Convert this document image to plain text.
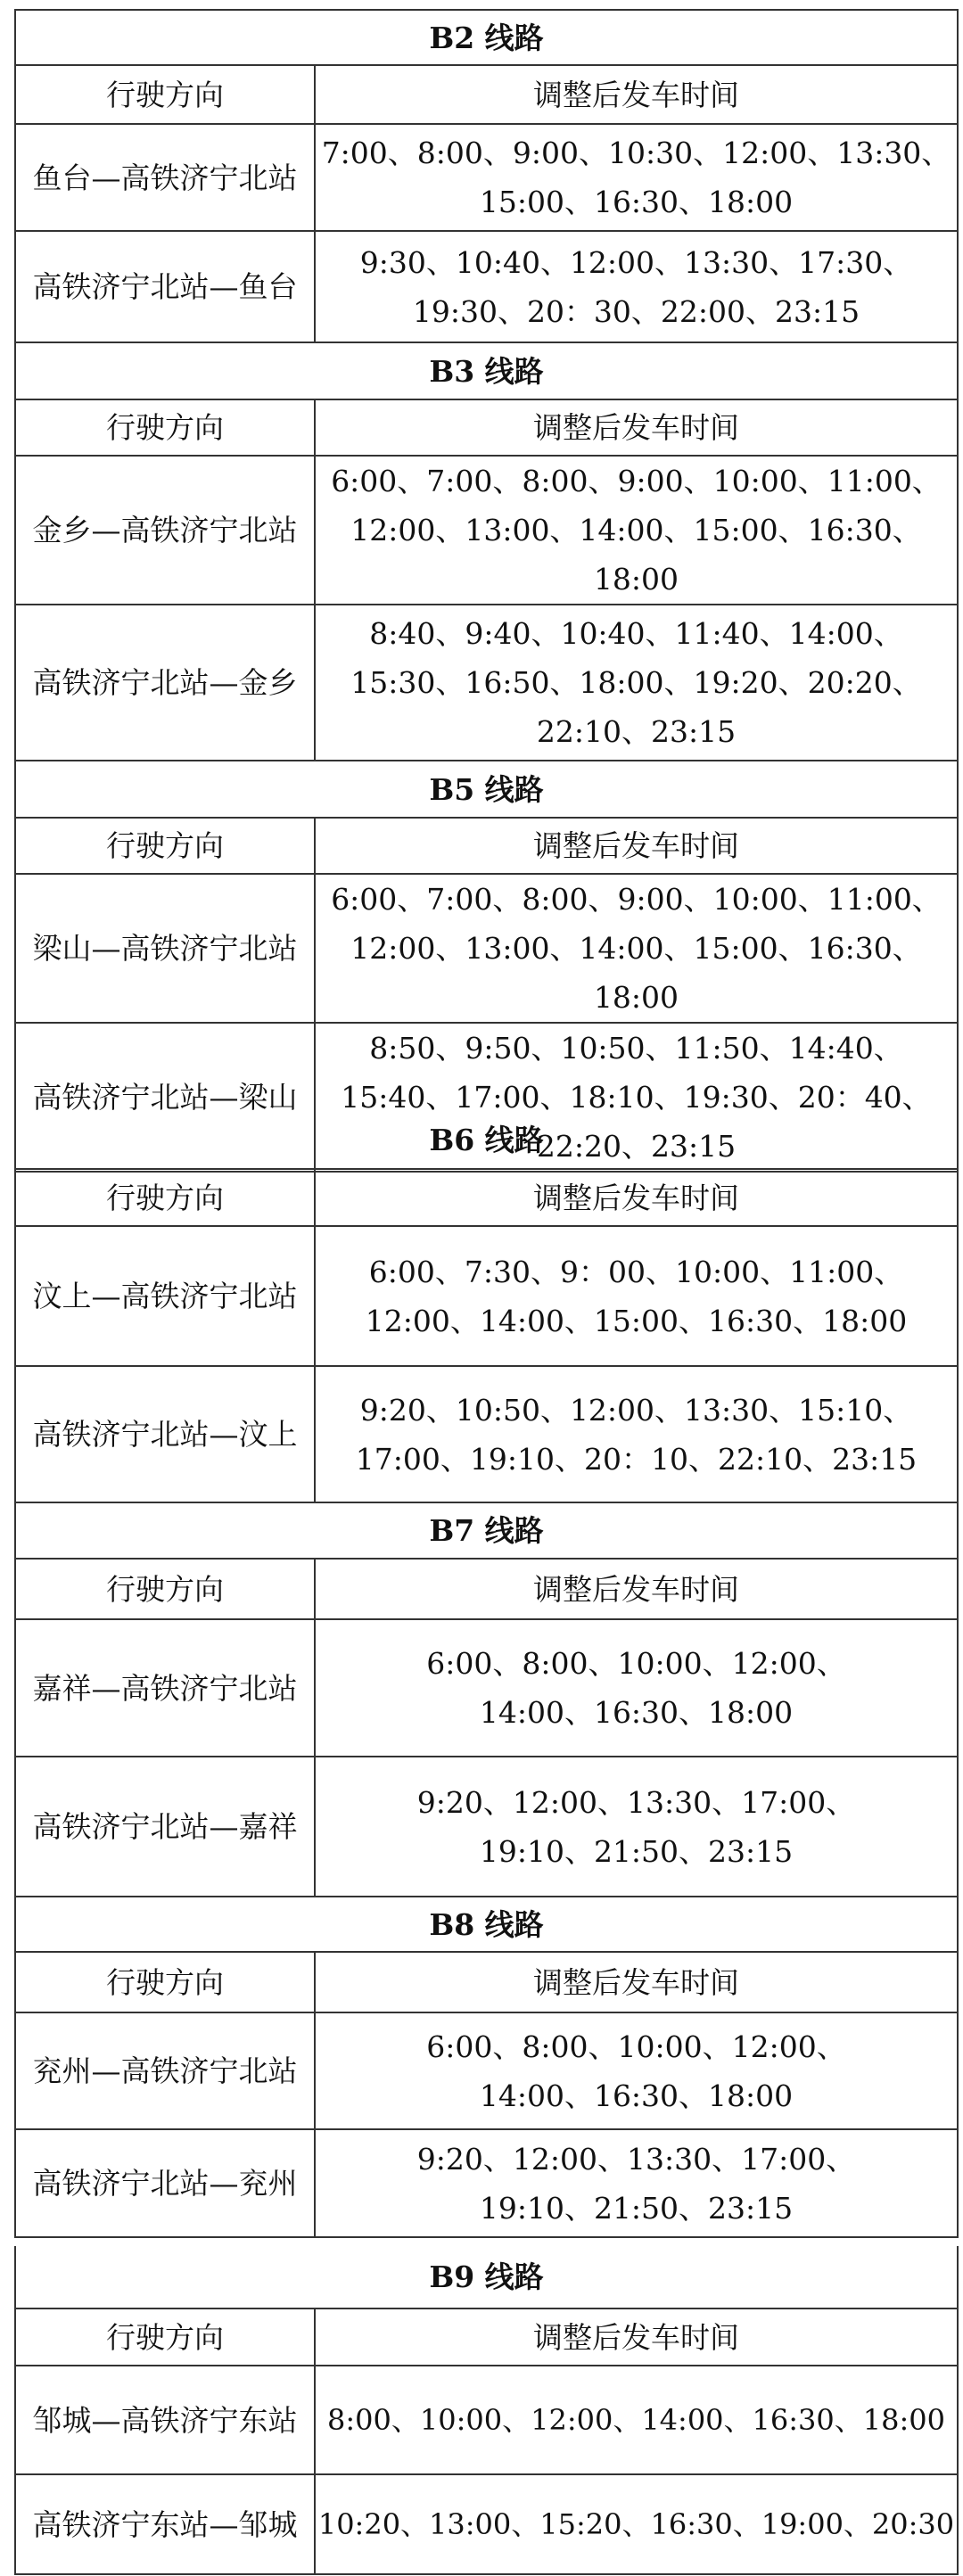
B2 线路	
行驶方向	调整后发车时间
鱼台—高铁济宁北站	7:00、8:00、9:00、10:30、12:00、13:30、15:00、16:30、18:00
高铁济宁北站—鱼台	9:30、10:40、12:00、13:30、17:30、19:30、20：30、22:00、23:15
B3 线路	
行驶方向	调整后发车时间
金乡—高铁济宁北站	6:00、7:00、8:00、9:00、10:00、11:00、12:00、13:00、14:00、15:00、16:30、18:00
高铁济宁北站—金乡	8:40、9:40、10:40、11:40、14:00、15:30、16:50、18:00、19:20、20:20、22:10、23:15
B5 线路	
行驶方向	调整后发车时间
梁山—高铁济宁北站	6:00、7:00、8:00、9:00、10:00、11:00、12:00、13:00、14:00、15:00、16:30、18:00
高铁济宁北站—梁山	8:50、9:50、10:50、11:50、14:40、15:40、17:00、18:10、19:30、20：40、22:20、23:15
B6 线路	
行驶方向	调整后发车时间
汶上—高铁济宁北站	6:00、7:30、9：00、10:00、11:00、12:00、14:00、15:00、16:30、18:00
高铁济宁北站—汶上	9:20、10:50、12:00、13:30、15:10、17:00、19:10、20：10、22:10、23:15
B7 线路	
行驶方向	调整后发车时间
嘉祥—高铁济宁北站	6:00、8:00、10:00、12:00、14:00、16:30、18:00
高铁济宁北站—嘉祥	9:20、12:00、13:30、17:00、19:10、21:50、23:15
B8 线路	
行驶方向	调整后发车时间
兖州—高铁济宁北站	6:00、8:00、10:00、12:00、14:00、16:30、18:00
高铁济宁北站—兖州	9:20、12:00、13:30、17:00、19:10、21:50、23:15
B9 线路	
行驶方向	调整后发车时间
邹城—高铁济宁东站	8:00、10:00、12:00、14:00、16:30、18:00
高铁济宁东站—邹城	10:20、13:00、15:20、16:30、19:00、20:30
